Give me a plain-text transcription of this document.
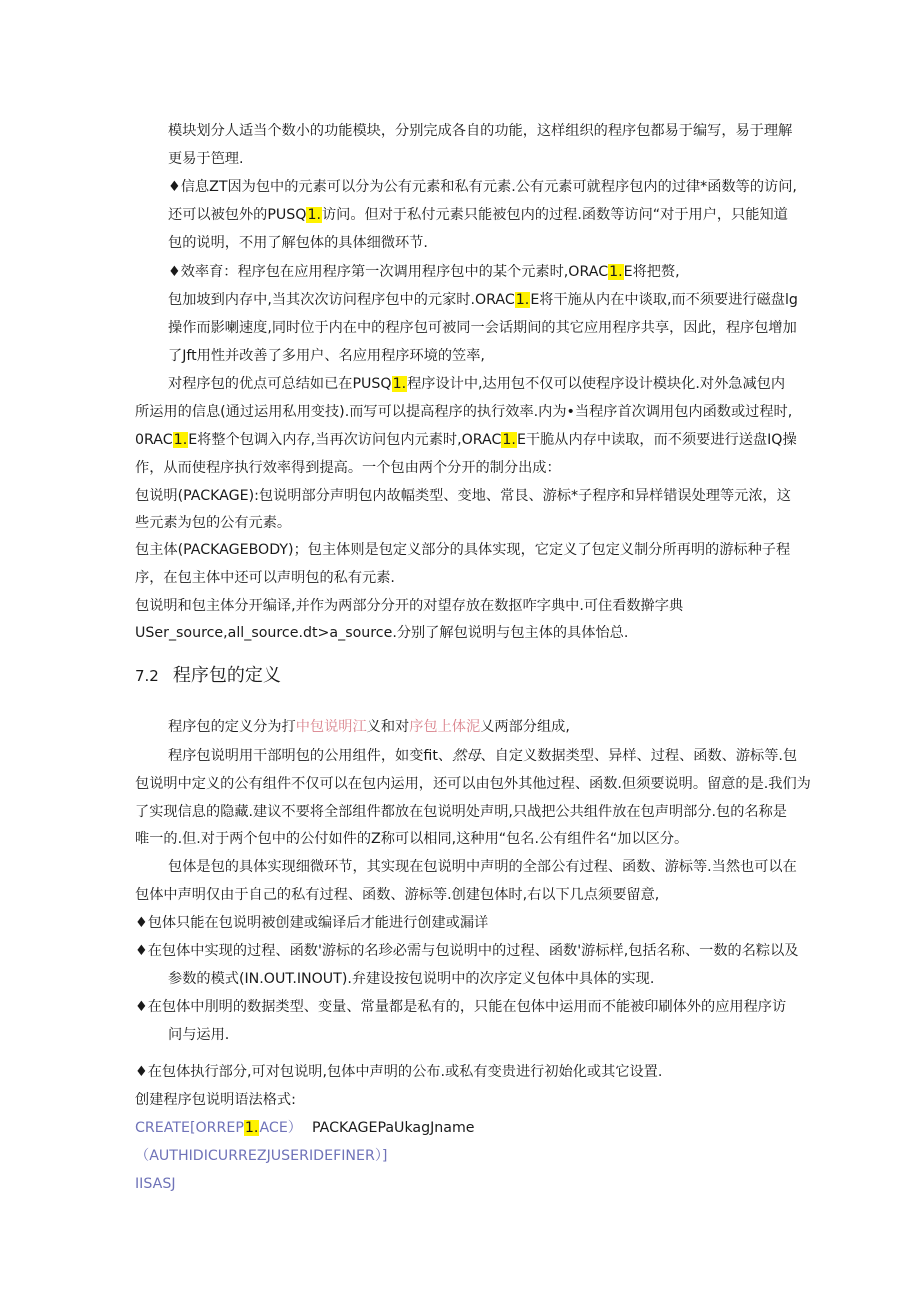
模块划分人适当个数小的功能模块，分别完成各自的功能，这样组织的程序包都易于编写，易于理解
更易于笆理.
♦信息ZT因为包中的元素可以分为公有元素和私有元素.公有元素可就程序包内的过律*函数等的访问,
还可以被包外的PUSQ1.访问。但对于私付元素只能被包内的过程.函数等访问“对于用户，只能知道
包的说明，不用了解包体的具体细微环节.
♦效率育：程序包在应用程序第一次调用程序包中的某个元素时,ORAC1.E将把赘,
包加坡到内存中,当其次次访问程序包中的元家时.ORAC1.E将干施从内在中谈取,而不须要进行磁盘lg
操作而影喇速度,同时位于内在中的程序包可被同一会话期间的其它应用程序共享，因此，程序包增加
了Jft用性并改善了多用户、名应用程序环境的笠率,
对程序包的优点可总结如已在PUSQ1.程序设计中,达用包不仅可以使程序设计模块化.对外急减包内
所运用的信息(通过运用私用变技).而写可以提高程序的执行效率.内为•当程序首次调用包内函数或过程时,
0RAC1.E将整个包调入内存,当再次访问包内元素时,ORAC1.E干脆从内存中读取，而不须要进行送盘IQ操
作，从而使程序执行效率得到提高。一个包由两个分开的制分出成：
包说明(PACKAGE):包说明部分声明包内故幅类型、变地、常艮、游标*子程序和异样错误处理等元浓，这
些元素为包的公有元素。
包主体(PACKAGEBODY)；包主体则是包定义部分的具体实现，它定义了包定义制分所再明的游标种子程
序，在包主体中还可以声明包的私有元素.
包说明和包主体分开编译,并作为两部分分开的对望存放在数抠咋字典中.可住看数擀字典
USer_source,all_source.dt>a_source.分别了解包说明与包主体的具体怡总.
7.2 程序包的定义
程序包的定义分为打中包说明江义和对序包上体泥乂两部分组成,
程序包说明用干部明包的公用组件，如变fit、然母、自定义数据类型、异样、过程、函数、游标等.包
包说明中定义的公有组件不仅可以在包内运用，还可以由包外其他过程、函数.但须要说明。留意的是.我们为
了实现信息的隐藏.建议不要将全部组件都放在包说明处声明,只战把公共组件放在包声明部分.包的名称是
唯一的.但.对于两个包中的公付如件的Z称可以相同,这种用“包名.公有组件名“加以区分。
包体是包的具体实现细微环节，其实现在包说明中声明的全部公有过程、函数、游标等.当然也可以在
包体中声明仅由于自己的私有过程、函数、游标等.创建包体时,右以下几点须要留意,
♦包体只能在包说明被创建或编译后才能进行创建或漏详
♦在包体中实现的过程、函数'游标的名珍必需与包说明中的过程、函数'游标样,包括名称、一数的名粽以及
参数的模式(IN.OUT.INOUT).弁建设按包说明中的次序定义包体中具体的实现.
♦在包体中刖明的数据类型、变量、常量都是私有的，只能在包体中运用而不能被印刷体外的应用程序访
问与运用.
♦在包体执行部分,可对包说明,包体中声明的公布.或私有变贵进行初始化或其它设置.
创建程序包说明语法格式:
CREATE[ORREP1.ACE） PACKAGEPaUkagJname
（AUTHIDICURREZJUSERIDEFINER）]
IISASJ
